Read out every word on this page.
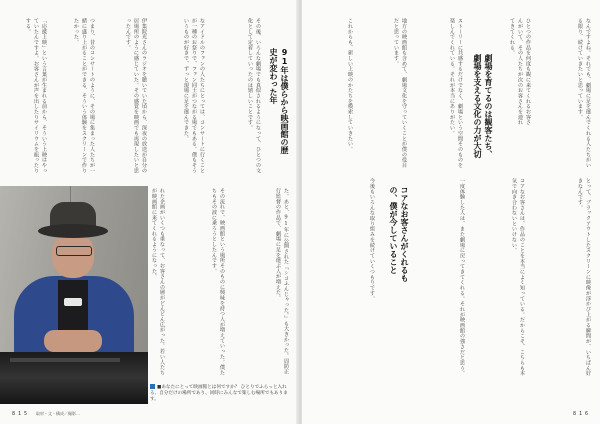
なアイドルのファンの人たちにとっては、コンサートに行くことが一種のお祭りで、ファン同士がつながる場でもある。僕もそういうものが好きで、ずっと現場に足を運んできた。
伊集院光さんのラジオを聴いていた頃から、深夜の放送が自分の居場所のように感じていた。その感覚を映画でも再現したいと思ったんです。
つまり、昔のコンサートのように、その場に集まった人たちが一緒に盛り上がることができる、そういう体験をスクリーンで作りたかった。
「応援上映」という言葉が生まれる前から、そういう上映はやっていたんですよ。お客さんが声を出したりサイリウムを振ったりする。
91年は僕らから映画館の歴史が変わった年
その後、いろんな劇場でも真似されるようになって、ひとつの文化として定着していったのは嬉しいことです。
た。あと、91年に公開された『シコふんじゃった。』も大きかった。周防正行監督の作品で、劇場に足を運ぶ人が増えた。
その流れで、映画館という場所そのものに興味を持つ人が増えていった。僕たちもその波に乗ろうとしたんです。
れた企画がいくつも重なって、お客さんの層がどんどん広がった。若い人たちが映画館に来てくれるようになった。
■あなたにとって映画館とは何ですか？ ひとりでふらっと入れる、自分だけの場所であり、同時にみんなで楽しむ場所でもあります。
8 1 5 取材・文・構成／撮影…
なんですよね。それでも、劇場に足を運んでくれる人たちがいる限り、続けていきたいと思っています。
ひとつの作品を何度も観に来てくれるお客さんがいて、その人たちが次のお客さんを連れてきてくれる。
劇場を育てるのは観客たち、劇場を支える文化の力が大切
ストーリーに共感するだけでなく、劇場という空間そのものを楽しんでくれている。それが本当にありがたい。
地方の映画館も含めて、劇場文化を守っていくことが僕の役目だと思っています。
これからも、新しい上映のかたちを模索していきたい。
とって、ブラックアウトしたスクリーンに映像が浮かび上がる瞬間が、いちばん好きなんです。
コアなお客さんは、作品のことを本当によく知っている。だからこそ、こちらも本気で向き合わないといけない。
一度体験した人は、また劇場に戻ってきてくれる。それが映画館の強さだと思う。
コアなお客さんがくれるもの、僕が今していること
今後もいろんな取り組みを続けていくつもりです。
8 1 6
